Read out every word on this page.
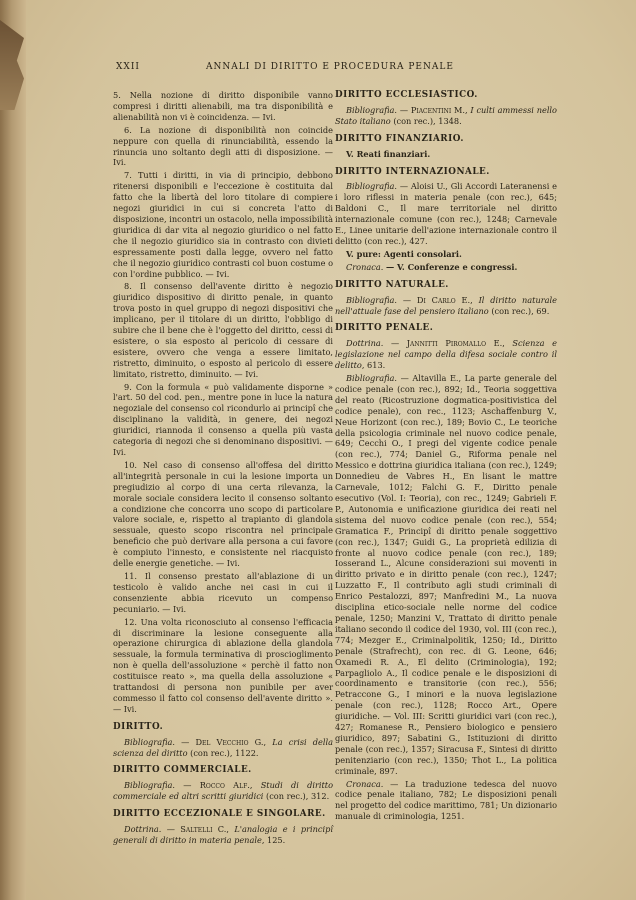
XXII	ANNALI DI DIRITTO E PROCEDURA PENALE

5. Nella nozione di diritto disponibile vanno compresi i diritti alienabili, ma tra disponibilità e alienabilità non vi è coincidenza. — Ivi.

6. La nozione di disponibilità non coincide neppure con quella di rinunciabilità, essendo la rinuncia uno soltanto degli atti di disposizione. — Ivi.

7. Tutti i diritti, in via di principio, debbono ritenersi disponibili e l'eccezione è costituita dal fatto che la libertà del loro titolare di compiere negozi giuridici in cui si concreta l'atto di disposizione, incontri un ostacolo, nella impossibilità giuridica di dar vita al negozio giuridico o nel fatto che il negozio giuridico sia in contrasto con divieti espressamente posti dalla legge, ovvero nel fatto che il negozio giuridico contrasti col buon costume o con l'ordine pubblico. — Ivi.

8. Il consenso dell'avente diritto è negozio giuridico dispositivo di diritto penale, in quanto trova posto in quel gruppo di negozi dispositivi che implicano, per il titolare di un diritto, l'obbligo di subire che il bene che è l'oggetto del diritto, cessi di esistere, o sia esposto al pericolo di cessare di esistere, ovvero che venga a essere limitato, ristretto, diminuito, o esposto al pericolo di essere limitato, ristretto, diminuito. — Ivi.

9. Con la formula « può validamente disporne » l'art. 50 del cod. pen., mentre pone in luce la natura negoziale del consenso col ricondurlo ai principî che disciplinano la validità, in genere, dei negozi giuridici, riannoda il consenso a quella più vasta categoria di negozi che si denominano dispositivi. — Ivi.

10. Nel caso di consenso all'offesa del diritto all'integrità personale in cui la lesione importa un pregiudizio al corpo di una certa rilevanza, la morale sociale considera lecito il consenso soltanto a condizione che concorra uno scopo di particolare valore sociale, e, rispetto al trapianto di glandola sessuale, questo scopo riscontra nel principale beneficio che può derivare alla persona a cui favore è compiuto l'innesto, e consistente nel riacquisto delle energie genetiche. — Ivi.

11. Il consenso prestato all'ablazione di un testicolo è valido anche nei casi in cui il consenziente abbia ricevuto un compenso pecuniario. — Ivi.

12. Una volta riconosciuto al consenso l'efficacia di discriminare la lesione conseguente alla operazione chirurgica di ablazione della glandola sessuale, la formula terminativa di proscioglimento non è quella dell'assoluzione « perchè il fatto non costituisce reato », ma quella della assoluzione « trattandosi di persona non punibile per aver commesso il fatto col consenso dell'avente diritto ». — Ivi.

DIRITTO.

Bibliografia. — Del Vecchio G., La crisi della scienza del diritto (con rec.), 1122.

DIRITTO COMMERCIALE.

Bibliografia. — Rocco Alf., Studi di diritto commerciale ed altri scritti giuridici (con rec.), 312.

DIRITTO ECCEZIONALE E SINGOLARE.

Dottrina. — Saltelli C., L'analogia e i principî generali di diritto in materia penale, 125.

DIRITTO ECCLESIASTICO.

Bibliografia. — Piacentini M., I culti ammessi nello Stato italiano (con rec.), 1348.

DIRITTO FINANZIARIO.

V. Reati finanziari.

DIRITTO INTERNAZIONALE.

Bibliografia. — Aloisi U., Gli Accordi Lateranensi e i loro riflessi in materia penale (con rec.), 645; Baldoni C., Il mare territoriale nel diritto internazionale comune (con rec.), 1248; Carnevale E., Linee unitarie dell'azione internazionale contro il delitto (con rec.), 427.

V. pure: Agenti consolari.

Cronaca. — V. Conferenze e congressi.

DIRITTO NATURALE.

Bibliografia. — Di Carlo E., Il diritto naturale nell'attuale fase del pensiero italiano (con rec.), 69.

DIRITTO PENALE.

Dottrina. — Jannitti Piromallo E., Scienza e legislazione nel campo della difesa sociale contro il delitto, 613.

Bibliografia. — Altavilla E., La parte generale del codice penale (con rec.), 892; Id., Teoria soggettiva del reato (Ricostruzione dogmatica-positivistica del codice penale), con rec., 1123; Aschaffenburg V., Neue Horizont (con rec.), 189; Bovio C., Le teoriche della psicologia criminale nel nuovo codice penale, 649; Cecchi O., I pregi del vigente codice penale (con rec.), 774; Daniel G., Riforma penale nel Messico e dottrina giuridica italiana (con rec.), 1249; Donnedieu de Vabres H., En lisant le mattre Carnevale, 1012; Falchi G. F., Diritto penale esecutivo (Vol. I: Teoria), con rec., 1249; Gabrieli F. P., Autonomia e unificazione giuridica dei reati nel sistema del nuovo codice penale (con rec.), 554; Gramatica F., Principî di diritto penale soggettivo (con rec.), 1347; Guidi G., La proprietà edilizia di fronte al nuovo codice penale (con rec.), 189; Iosserand L., Alcune considerazioni sui moventi in diritto privato e in diritto penale (con rec.), 1247; Luzzatto F., Il contributo agli studi criminali di Enrico Pestalozzi, 897; Manfredini M., La nuova disciplina etico-sociale nelle norme del codice penale, 1250; Manzini V., Trattato di diritto penale italiano secondo il codice del 1930, vol. III (con rec.), 774; Mezger E., Criminalpolitik, 1250; Id., Diritto penale (Strafrecht), con rec. di G. Leone, 646; Oxamedi R. A., El delito (Criminologia), 192; Parpagliolo A., Il codice penale e le disposizioni di coordinamento e transitorie (con rec.), 556; Petraccone G., I minori e la nuova legislazione penale (con rec.), 1128; Rocco Art., Opere giuridiche. — Vol. III: Scritti giuridici vari (con rec.), 427; Romanese R., Pensiero biologico e pensiero giuridico, 897; Sabatini G., Istituzioni di diritto penale (con rec.), 1357; Siracusa F., Sintesi di diritto penitenziario (con rec.), 1350; Thot L., La politica criminale, 897.

Cronaca. — La traduzione tedesca del nuovo codice penale italiano, 782; Le disposizioni penali nel progetto del codice marittimo, 781; Un dizionario manuale di criminologia, 1251.
